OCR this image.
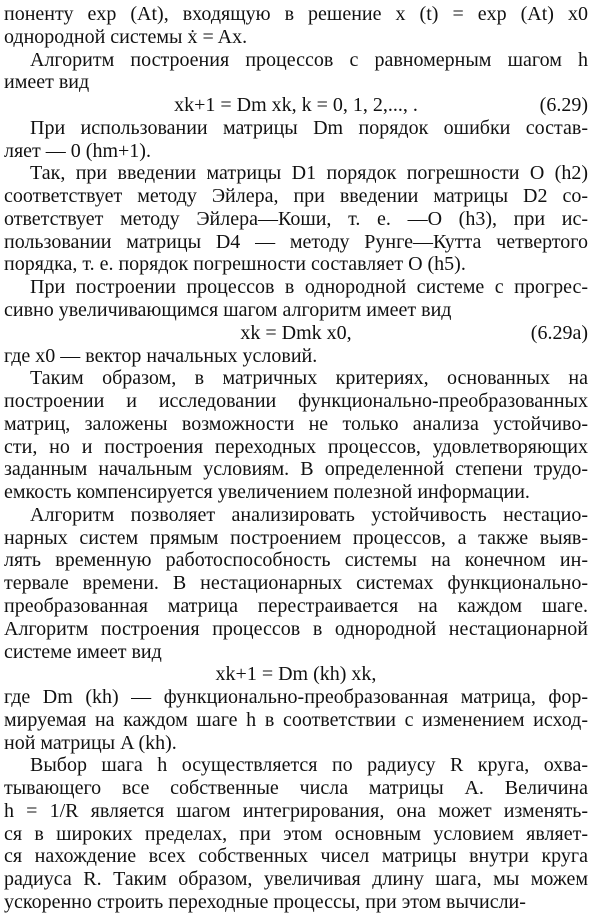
поненту exp (At), входящую в решение x (t) = exp (At) x0
однородной системы ẋ = Ax.
Алгоритм построения процессов с равномерным шагом h
имеет вид
xk+1 = Dm xk, k = 0, 1, 2,..., .	(6.29)
При использовании матрицы Dm порядок ошибки состав-
ляет — 0 (hm+1).
Так, при введении матрицы D1 порядок погрешности O (h2)
соответствует методу Эйлера, при введении матрицы D2 со-
ответствует методу Эйлера—Коши, т. е. —O (h3), при ис-
пользовании матрицы D4 — методу Рунге—Кутта четвертого
порядка, т. е. порядок погрешности составляет O (h5).
При построении процессов в однородной системе с прогрес-
сивно увеличивающимся шагом алгоритм имеет вид
xk = Dmk x0,	(6.29а)
где x0 — вектор начальных условий.
Таким образом, в матричных критериях, основанных на
построении и исследовании функционально-преобразованных
матриц, заложены возможности не только анализа устойчиво-
сти, но и построения переходных процессов, удовлетворяющих
заданным начальным условиям. В определенной степени трудо-
емкость компенсируется увеличением полезной информации.
Алгоритм позволяет анализировать устойчивость нестацио-
нарных систем прямым построением процессов, а также выяв-
лять временную работоспособность системы на конечном ин-
тервале времени. В нестационарных системах функционально-
преобразованная матрица перестраивается на каждом шаге.
Алгоритм построения процессов в однородной нестационарной
системе имеет вид
xk+1 = Dm (kh) xk,
где Dm (kh) — функционально-преобразованная матрица, фор-
мируемая на каждом шаге h в соответствии с изменением исход-
ной матрицы A (kh).
Выбор шага h осуществляется по радиусу R круга, охва-
тывающего все собственные числа матрицы A. Величина
h = 1/R является шагом интегрирования, она может изменять-
ся в широких пределах, при этом основным условием являет-
ся нахождение всех собственных чисел матрицы внутри круга
радиуса R. Таким образом, увеличивая длину шага, мы можем
ускоренно строить переходные процессы, при этом вычисли-
